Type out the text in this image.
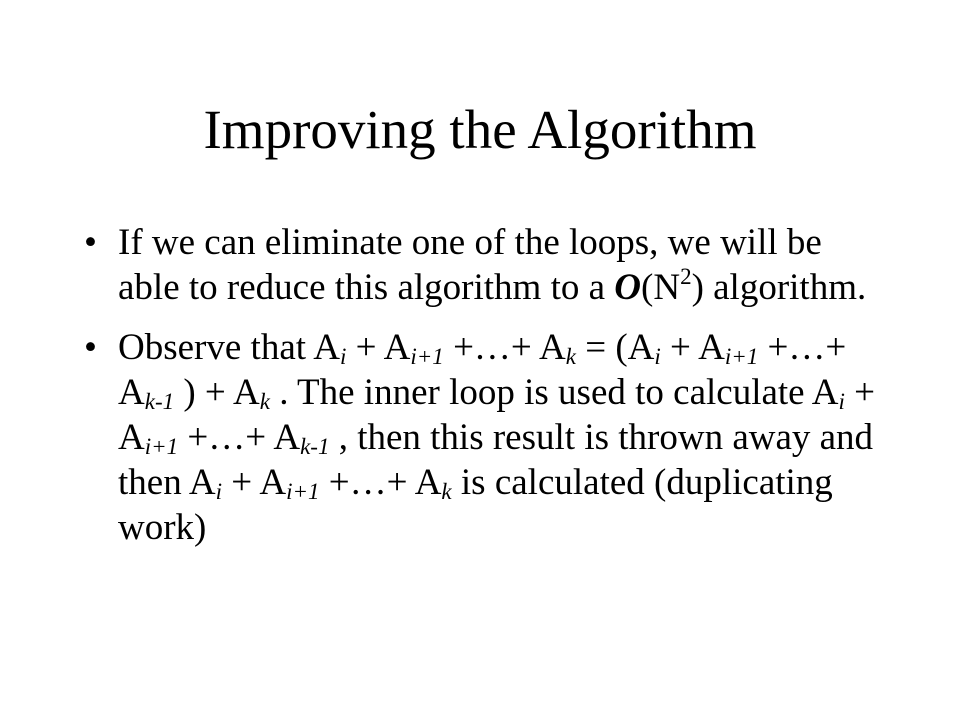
Improving the Algorithm
• If we can eliminate one of the loops, we will be able to reduce this algorithm to a $O(N^2)$ algorithm.
• Observe that $A_i + A_{i+1}$ +…+ $A_k = (A_i + A_{i+1}$ +…+ $A_{k-1}$ ) + $A_k$ . The inner loop is used to calculate $A_i + A_{i+1}$ +…+ $A_{k-1}$ , then this result is thrown away and then $A_i + A_{i+1}$ +…+ $A_k$ is calculated (duplicating work)
